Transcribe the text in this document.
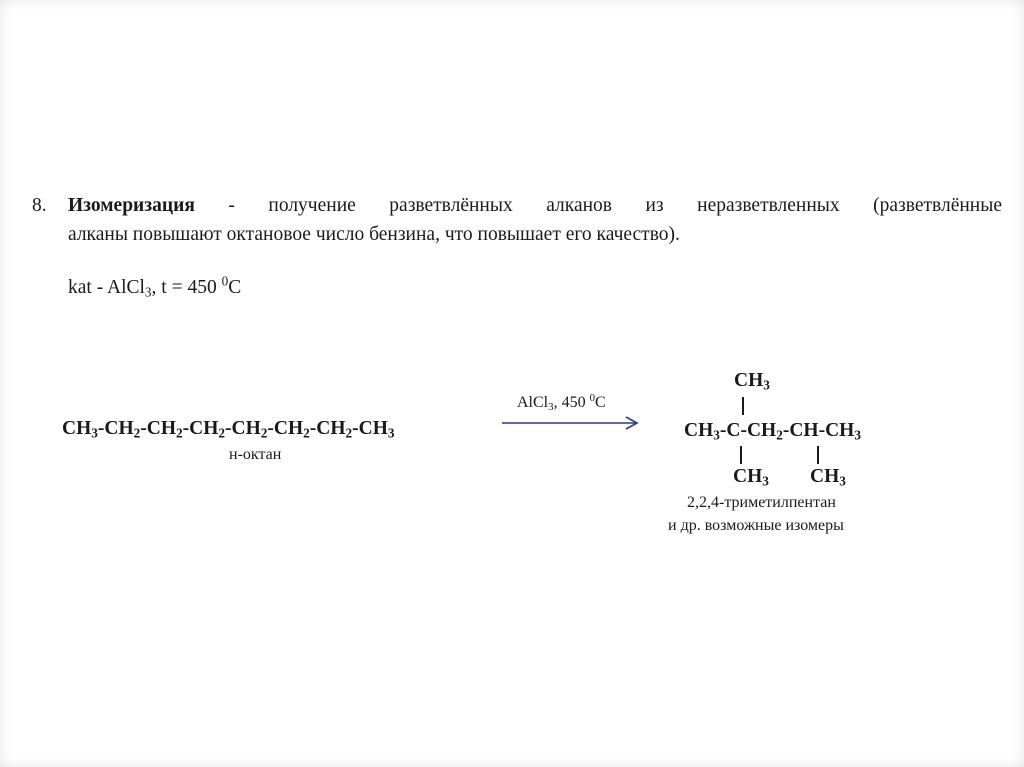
8. Изомеризация - получение разветвлённых алканов из неразветвленных (разветвлённые
алканы повышают октановое число бензина, что повышает его качество).
kat - AlCl$_3$, t = 450 $^0$С
$CH_3-CH_2-CH_2-CH_2-CH_2-CH_2-CH_2-CH_3$
н-октан
AlCl$_3$, 450 $^0$C
$CH_3$
$CH_3-C-CH_2-CH-CH_3$
$CH_3$ $CH_3$
2,2,4-триметилпентан
и др. возможные изомеры
